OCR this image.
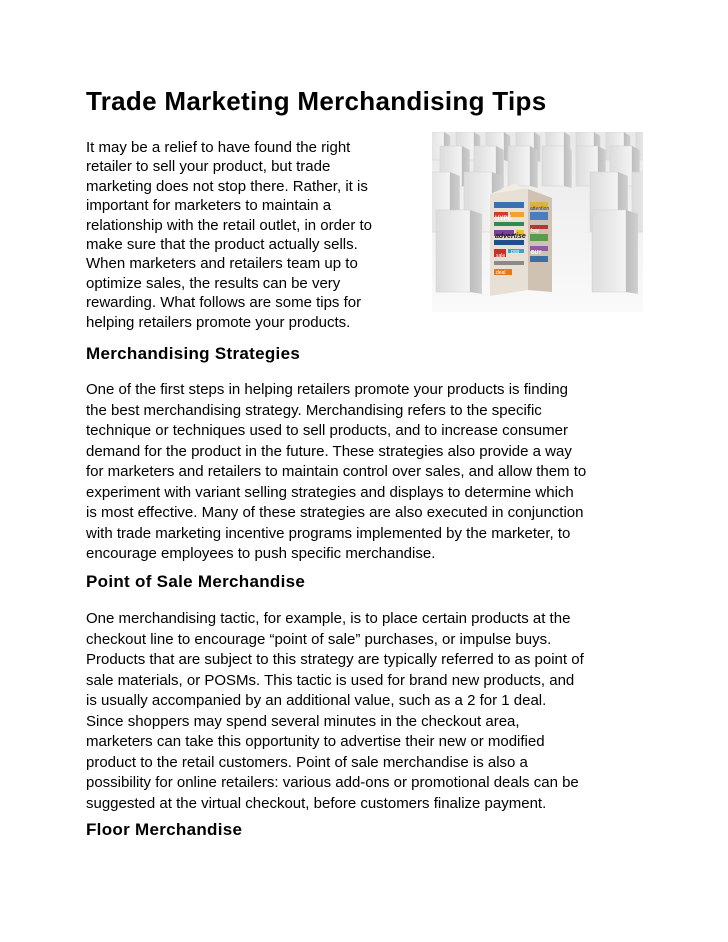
Trade Marketing Merchandising Tips

It may be a relief to have found the right
retailer to sell your product, but trade
marketing does not stop there. Rather, it is
important for marketers to maintain a
relationship with the retail outlet, in order to
make sure that the product actually sells.
When marketers and retailers team up to
optimize sales, the results can be very
rewarding. What follows are some tips for
helping retailers promote your products.

HYPE
attention
advertise
buy
sale
pop BUY
deal
Merchandising Strategies

One of the first steps in helping retailers promote your products is finding
the best merchandising strategy. Merchandising refers to the specific
technique or techniques used to sell products, and to increase consumer
demand for the product in the future. These strategies also provide a way
for marketers and retailers to maintain control over sales, and allow them to
experiment with variant selling strategies and displays to determine which
is most effective. Many of these strategies are also executed in conjunction
with trade marketing incentive programs implemented by the marketer, to
encourage employees to push specific merchandise.

Point of Sale Merchandise

One merchandising tactic, for example, is to place certain products at the
checkout line to encourage “point of sale” purchases, or impulse buys.
Products that are subject to this strategy are typically referred to as point of
sale materials, or POSMs. This tactic is used for brand new products, and
is usually accompanied by an additional value, such as a 2 for 1 deal.
Since shoppers may spend several minutes in the checkout area,
marketers can take this opportunity to advertise their new or modified
product to the retail customers. Point of sale merchandise is also a
possibility for online retailers: various add-ons or promotional deals can be
suggested at the virtual checkout, before customers finalize payment.

Floor Merchandise
